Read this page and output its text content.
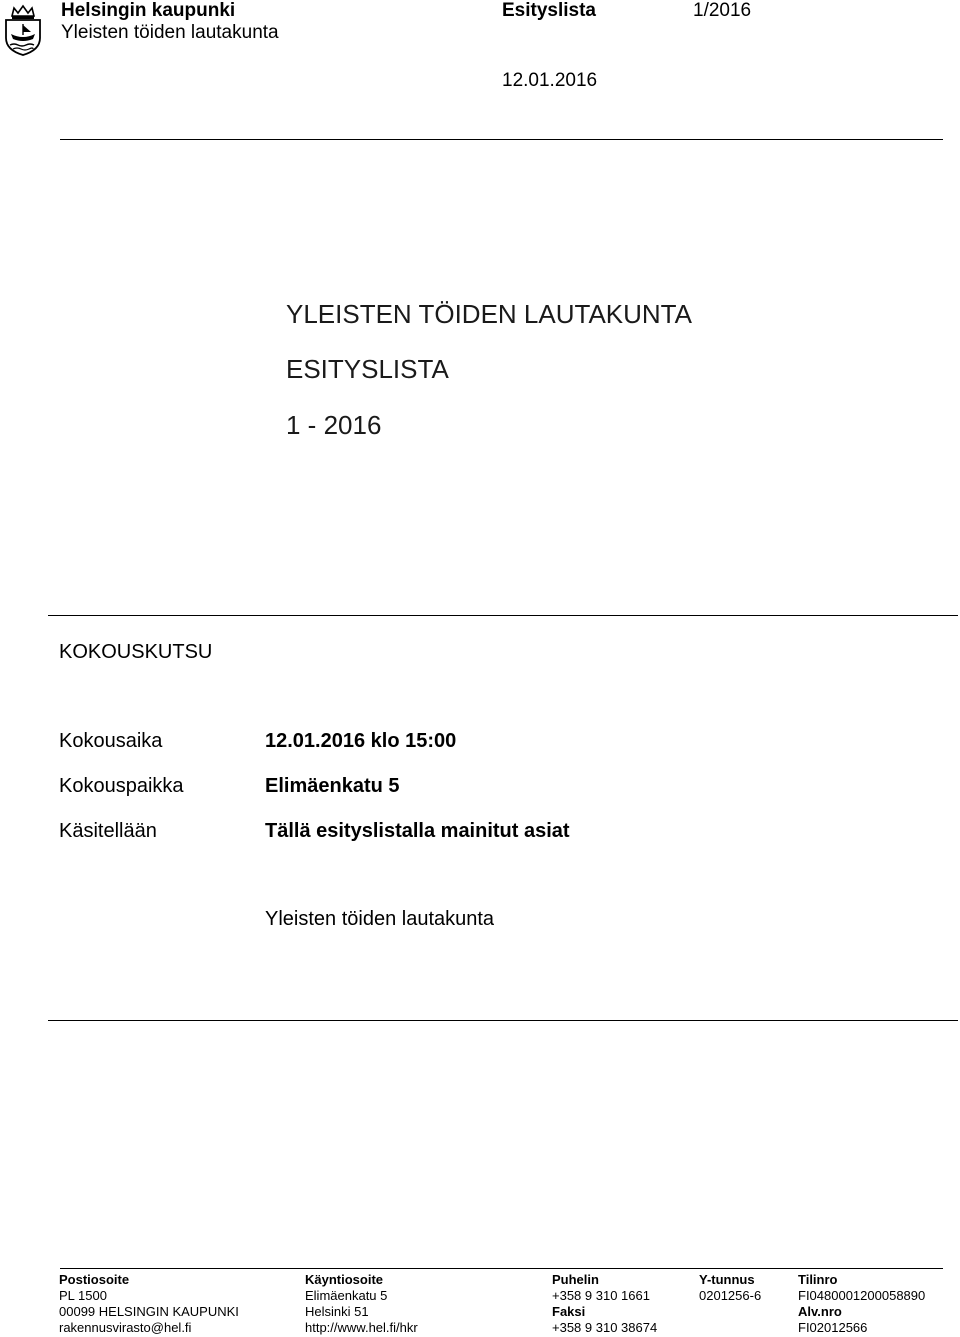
Helsingin kaupunki
Yleisten töiden lautakunta
Esityslista	1/2016
12.01.2016
YLEISTEN TÖIDEN LAUTAKUNTA
ESITYSLISTA
1 - 2016
KOKOUSKUTSU
Kokousaika	12.01.2016 klo 15:00
Kokouspaikka	Elimäenkatu 5
Käsitellään	Tällä esityslistalla mainitut asiat
Yleisten töiden lautakunta
Postiosoite
PL 1500
00099 HELSINGIN KAUPUNKI
rakennusvirasto@hel.fi
Käyntiosoite
Elimäenkatu 5
Helsinki 51
http://www.hel.fi/hkr
Puhelin
+358 9 310 1661
Faksi
+358 9 310 38674
Y-tunnus
0201256-6
Tilinro
FI0480001200058890
Alv.nro
FI02012566
